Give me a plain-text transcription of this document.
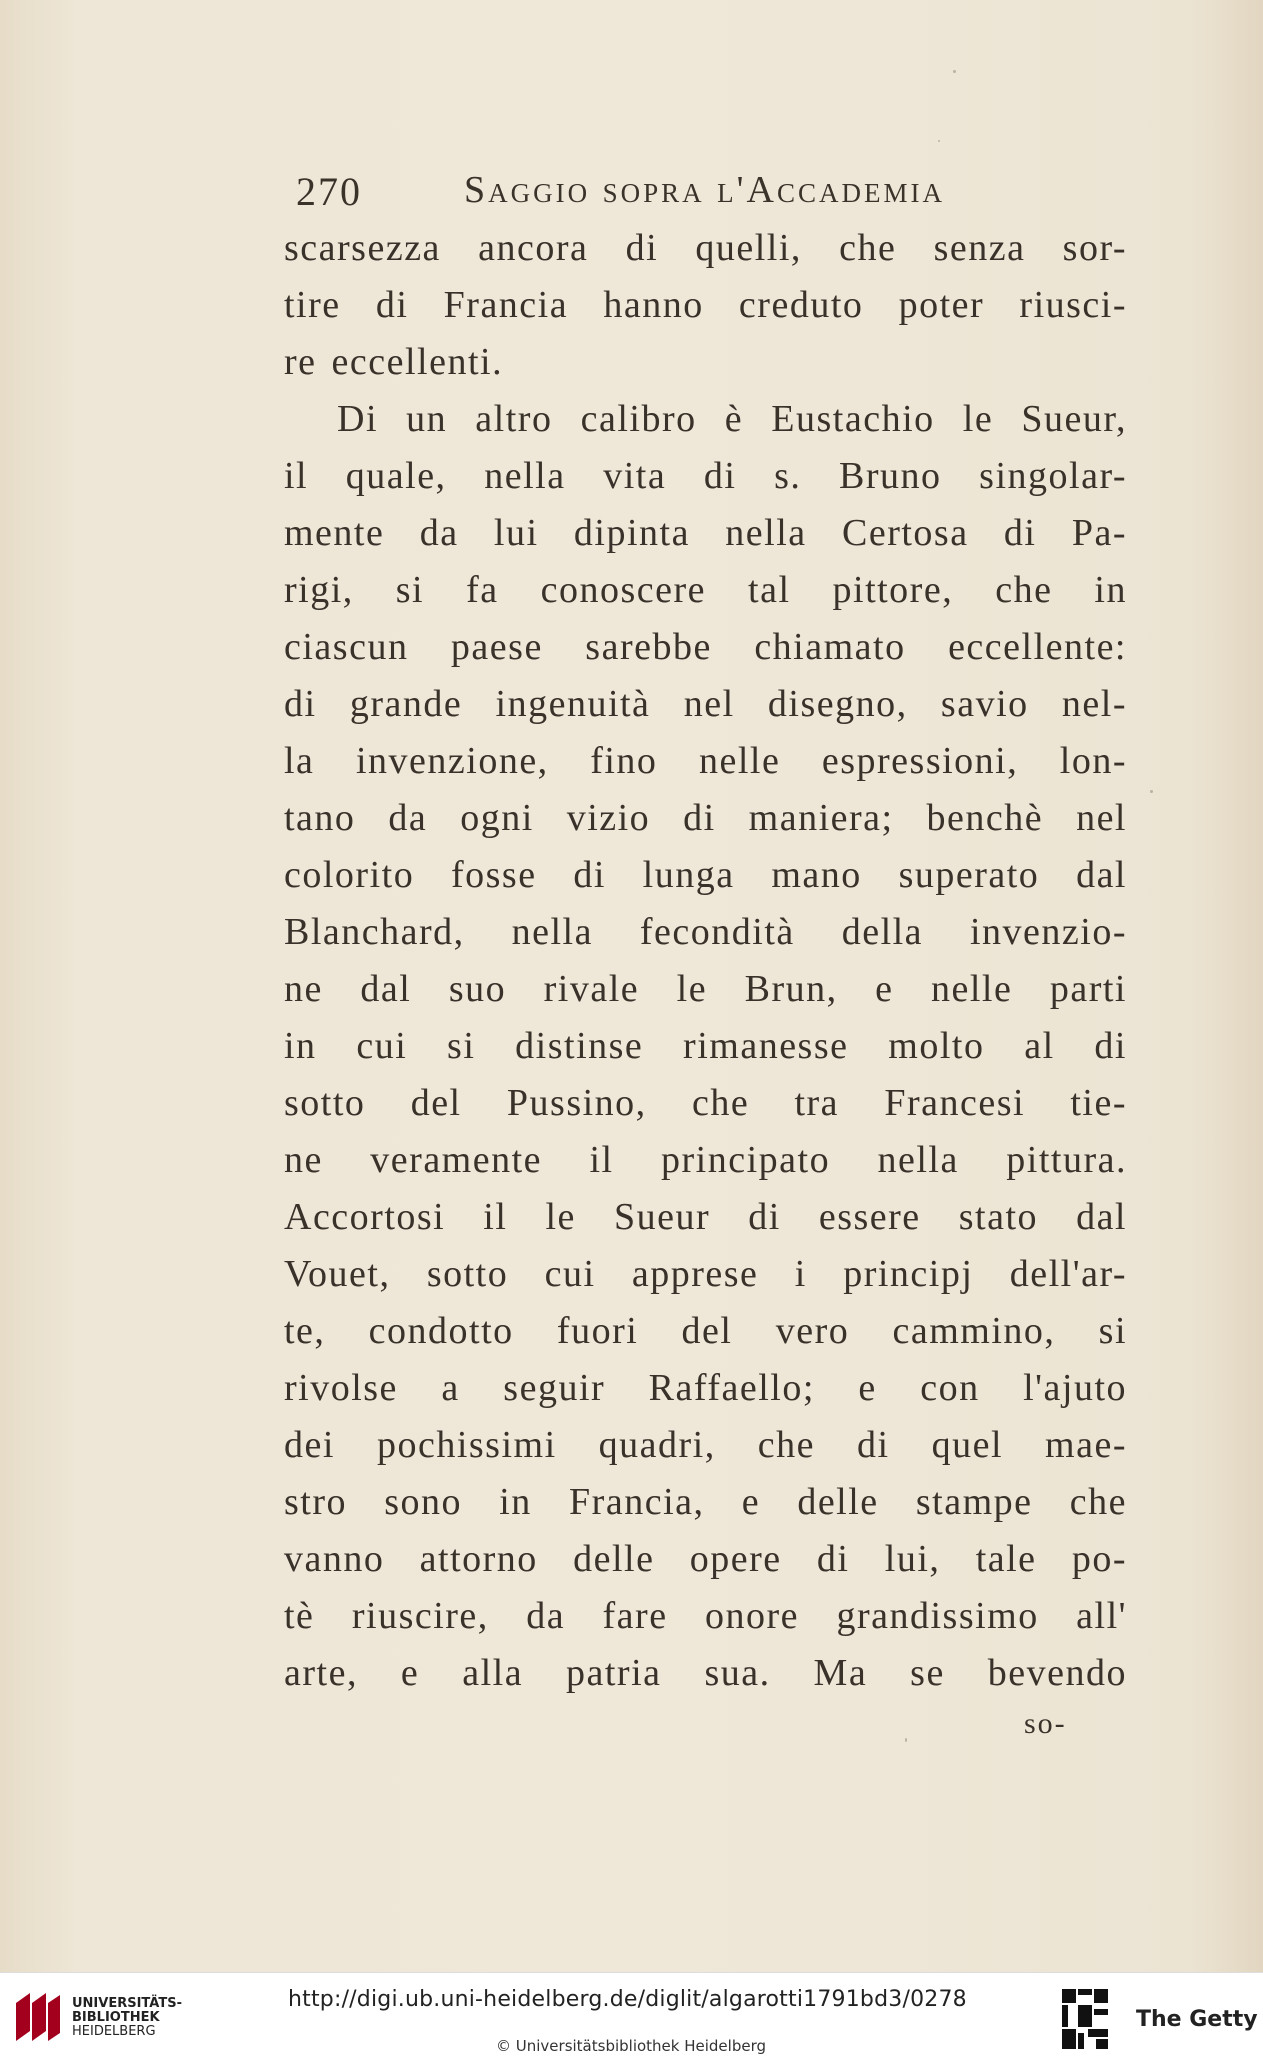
270	Saggio sopra l'Accademia
scarsezza ancora di quelli, che senza sor-
tire di Francia hanno creduto poter riusci-
re eccellenti.
Di un altro calibro è Eustachio le Sueur,
il quale, nella vita di s. Bruno singolar-
mente da lui dipinta nella Certosa di Pa-
rigi, si fa conoscere tal pittore, che in
ciascun paese sarebbe chiamato eccellente:
di grande ingenuità nel disegno, savio nel-
la invenzione, fino nelle espressioni, lon-
tano da ogni vizio di maniera; benchè nel
colorito fosse di lunga mano superato dal
Blanchard, nella fecondità della invenzio-
ne dal suo rivale le Brun, e nelle parti
in cui si distinse rimanesse molto al di
sotto del Pussino, che tra Francesi tie-
ne veramente il principato nella pittura.
Accortosi il le Sueur di essere stato dal
Vouet, sotto cui apprese i principj dell'ar-
te, condotto fuori del vero cammino, si
rivolse a seguir Raffaello; e con l'ajuto
dei pochissimi quadri, che di quel mae-
stro sono in Francia, e delle stampe che
vanno attorno delle opere di lui, tale po-
tè riuscire, da fare onore grandissimo all'
arte, e alla patria sua. Ma se bevendo
so-
UNIVERSITÄTS-
BIBLIOTHEK
HEIDELBERG
http://digi.ub.uni-heidelberg.de/diglit/algarotti1791bd3/0278
© Universitätsbibliothek Heidelberg
The Getty
